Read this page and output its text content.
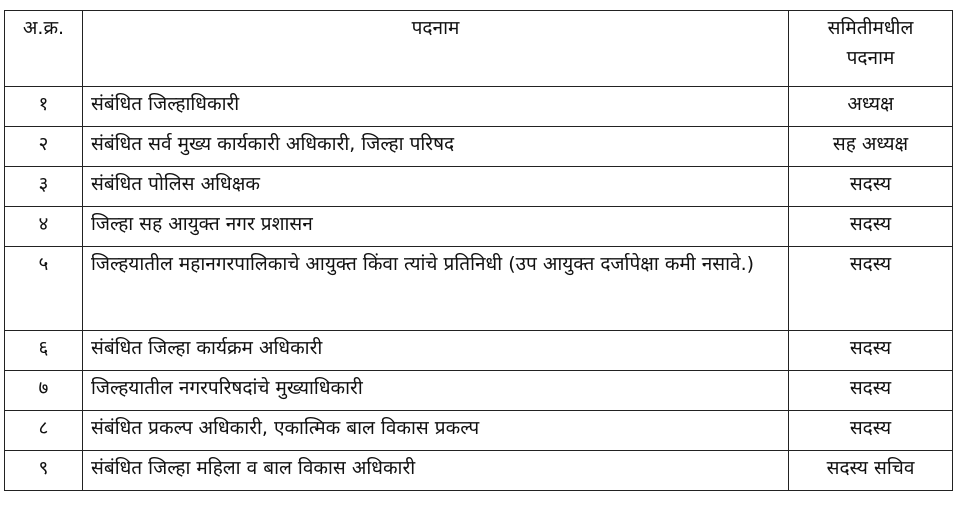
अ.क्र.	पदनाम	समितीमधील
पदनाम

१	संबंधित जिल्हाधिकारी	अध्यक्ष
२	संबंधित सर्व मुख्य कार्यकारी अधिकारी, जिल्हा परिषद	सह अध्यक्ष
३	संबंधित पोलिस अधिक्षक	सदस्य
४	जिल्हा सह आयुक्त नगर प्रशासन	सदस्य
५	जिल्हयातील महानगरपालिकाचे आयुक्त किंवा त्यांचे प्रतिनिधी (उप आयुक्त दर्जापेक्षा कमी नसावे.)	सदस्य
६	संबंधित जिल्हा कार्यक्रम अधिकारी	सदस्य
७	जिल्हयातील नगरपरिषदांचे मुख्याधिकारी	सदस्य
८	संबंधित प्रकल्प अधिकारी, एकात्मिक बाल विकास प्रकल्प	सदस्य
९	संबंधित जिल्हा महिला व बाल विकास अधिकारी	सदस्य सचिव
